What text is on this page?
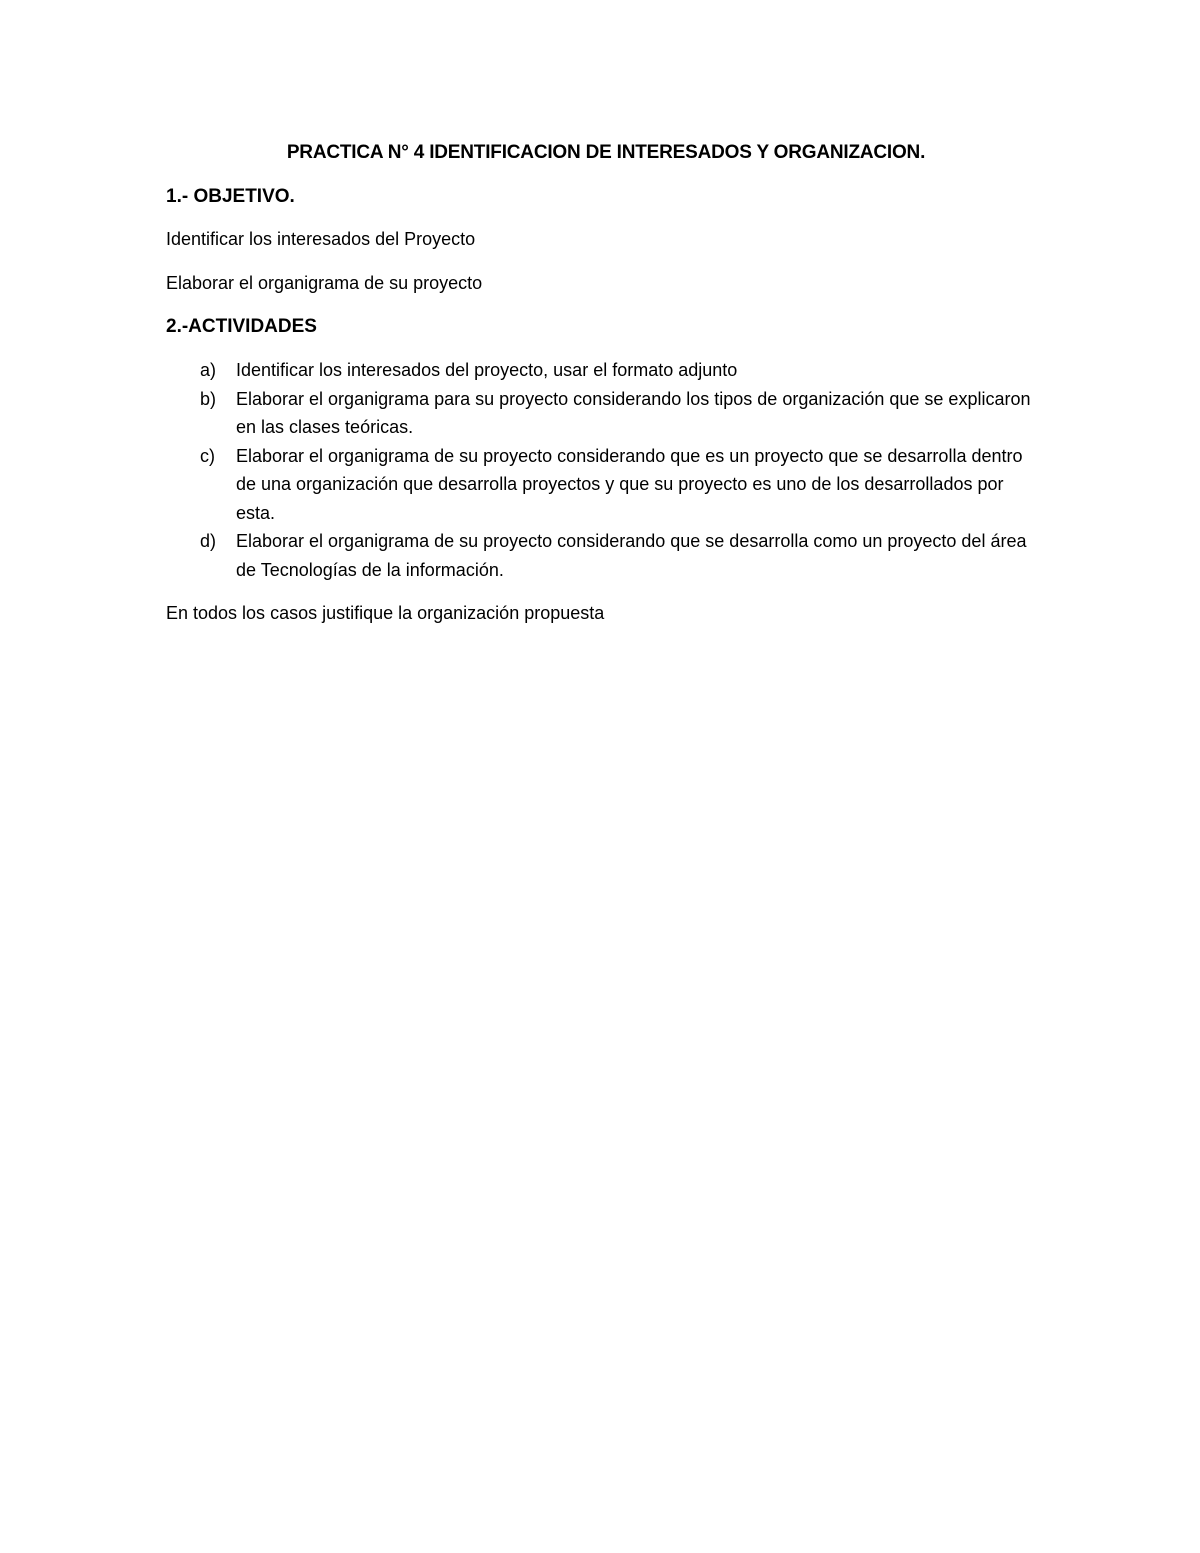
PRACTICA N° 4 IDENTIFICACION DE INTERESADOS Y ORGANIZACION.
1.- OBJETIVO.
Identificar los interesados del Proyecto
Elaborar el organigrama de su proyecto
2.-ACTIVIDADES
a)	Identificar los interesados del proyecto, usar el formato adjunto
b)	Elaborar el organigrama para su proyecto considerando los tipos de organización que se explicaron en las clases teóricas.
c)	Elaborar el organigrama de su proyecto considerando que es un proyecto que se desarrolla dentro de una organización que desarrolla proyectos y que su proyecto es uno de los desarrollados por esta.
d)	Elaborar el organigrama de su proyecto considerando que se desarrolla como un proyecto del área de Tecnologías de la información.
En todos los casos justifique la organización propuesta
